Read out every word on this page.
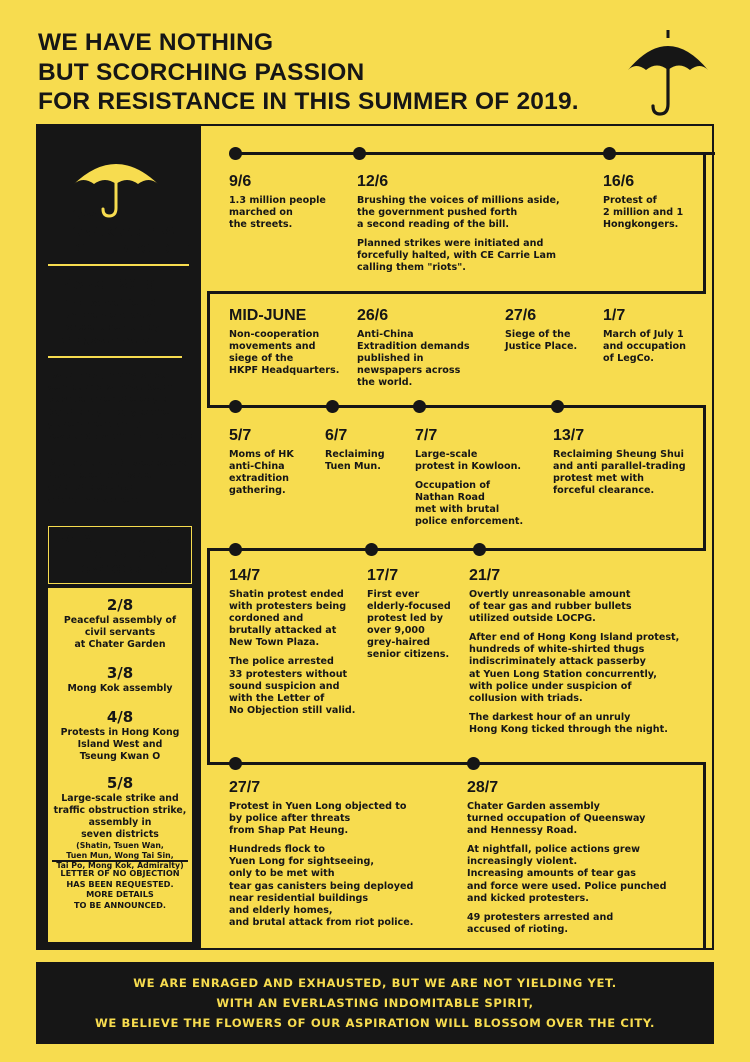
WE HAVE NOTHING
BUT SCORCHING PASSION
FOR RESISTANCE IN THIS SUMMER OF 2019.
HOW
HONGKONGERS'
FIGHT UNFOLDED
MARCH 2019
The Extradition Bill
Amendment was
forced upon us by
the government.
As of now, many of our
compatriots have been
pushed over the edge
by the regime, yet the
government only
responds with indifference.
More than 170 protesters
have been arrested
over the course
of the movement.
WHAT THE FUTURE
HOLDS FOR
HONGKONGERS
2/8
Peaceful assembly of
civil servants
at Chater Garden
3/8
Mong Kok assembly
4/8
Protests in Hong Kong
Island West and
Tseung Kwan O
5/8
Large-scale strike and
traffic obstruction strike,
assembly in
seven districts
(Shatin, Tsuen Wan,
Tuen Mun, Wong Tai Sin,
Tai Po, Mong Kok, Admiralty)
LETTER OF NO OBJECTION
HAS BEEN REQUESTED.
MORE DETAILS
TO BE ANNOUNCED.
9/6
1.3 million people
marched on
the streets.
12/6
Brushing the voices of millions aside,
the government pushed forth
a second reading of the bill.
Planned strikes were initiated and
forcefully halted, with CE Carrie Lam
calling them "riots".
16/6
Protest of
2 million and 1
Hongkongers.
MID-JUNE
Non-cooperation
movements and
siege of the
HKPF Headquarters.
26/6
Anti-China
Extradition demands
published in
newspapers across
the world.
27/6
Siege of the
Justice Place.
1/7
March of July 1
and occupation
of LegCo.
5/7
Moms of HK
anti-China
extradition
gathering.
6/7
Reclaiming
Tuen Mun.
7/7
Large-scale
protest in Kowloon.
Occupation of
Nathan Road
met with brutal
police enforcement.
13/7
Reclaiming Sheung Shui
and anti parallel-trading
protest met with
forceful clearance.
14/7
Shatin protest ended
with protesters being
cordoned and
brutally attacked at
New Town Plaza.
The police arrested
33 protesters without
sound suspicion and
with the Letter of
No Objection still valid.
17/7
First ever
elderly-focused
protest led by
over 9,000
grey-haired
senior citizens.
21/7
Overtly unreasonable amount
of tear gas and rubber bullets
utilized outside LOCPG.
After end of Hong Kong Island protest,
hundreds of white-shirted thugs
indiscriminately attack passerby
at Yuen Long Station concurrently,
with police under suspicion of
collusion with triads.
The darkest hour of an unruly
Hong Kong ticked through the night.
27/7
Protest in Yuen Long objected to
by police after threats
from Shap Pat Heung.
Hundreds flock to
Yuen Long for sightseeing,
only to be met with
tear gas canisters being deployed
near residential buildings
and elderly homes,
and brutal attack from riot police.
28/7
Chater Garden assembly
turned occupation of Queensway
and Hennessy Road.
At nightfall, police actions grew
increasingly violent.
Increasing amounts of tear gas
and force were used. Police punched
and kicked protesters.
49 protesters arrested and
accused of rioting.
WE ARE ENRAGED AND EXHAUSTED, BUT WE ARE NOT YIELDING YET.
WITH AN EVERLASTING INDOMITABLE SPIRIT,
WE BELIEVE THE FLOWERS OF OUR ASPIRATION WILL BLOSSOM OVER THE CITY.
